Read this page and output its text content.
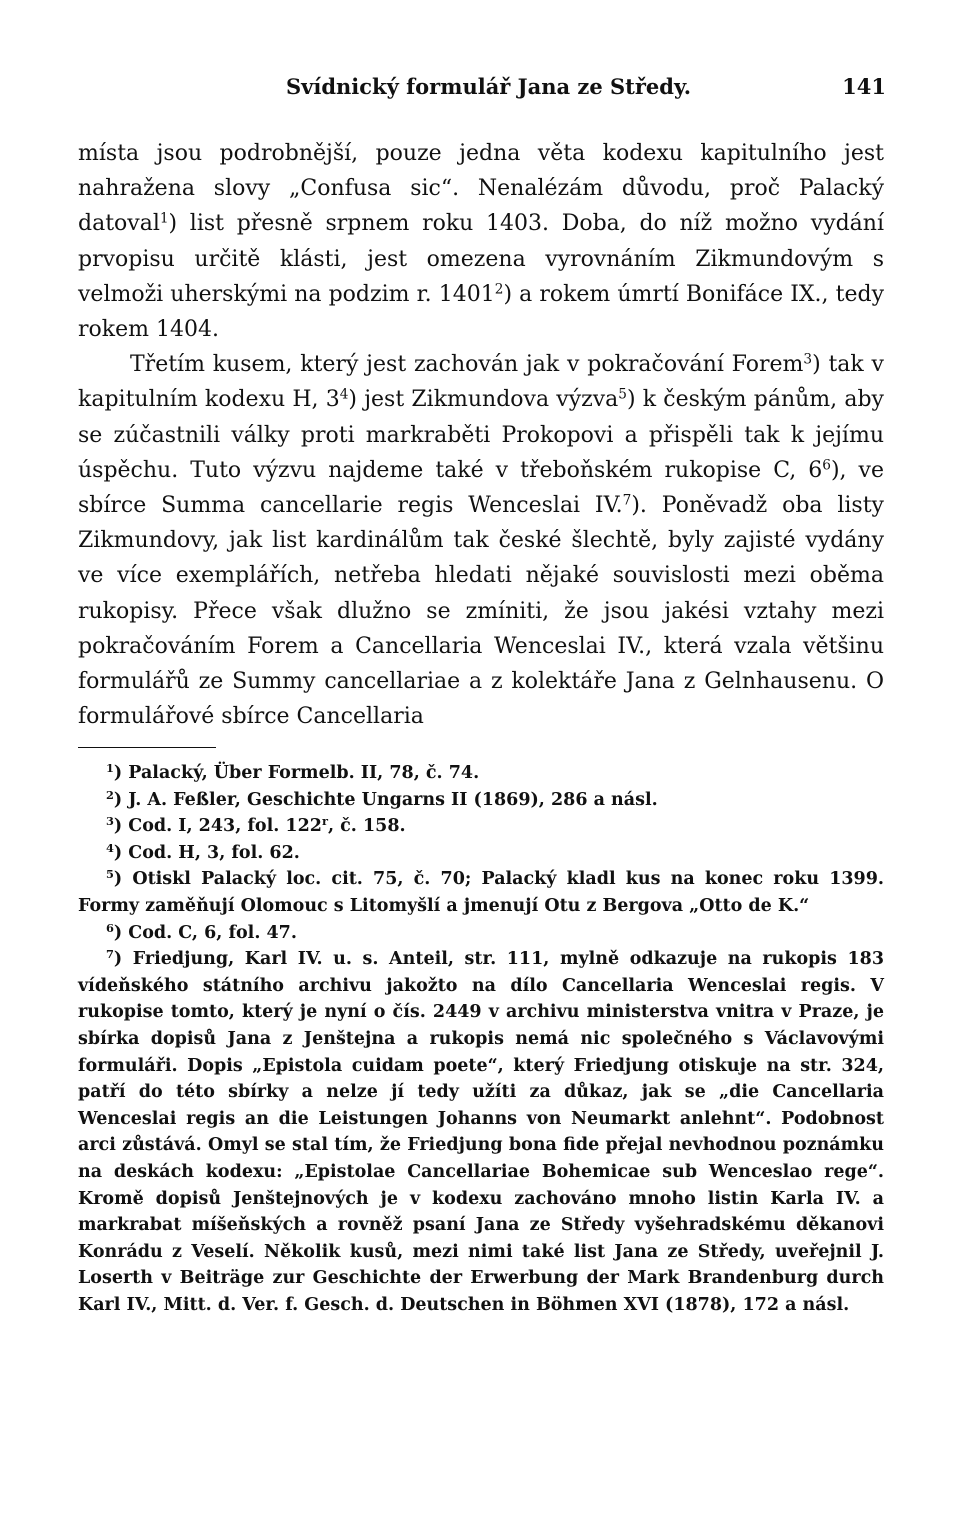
Svídnický formulář Jana ze Středy.	141

místa jsou podrobnější, pouze jedna věta kodexu kapitulního jest nahražena slovy „Confusa sic“. Nenalézám důvodu, proč Palacký datoval$^1$) list přesně srpnem roku 1403. Doba, do níž možno vydání prvopisu určitě klásti, jest omezena vyrovnáním Zikmundovým s velmoži uherskými na podzim r. 1401$^2$) a rokem úmrtí Bonifáce IX., tedy rokem 1404.

Třetím kusem, který jest zachován jak v pokračování Forem$^3$) tak v kapitulním kodexu H, $3^4$) jest Zikmundova výzva$^5$) k českým pánům, aby se zúčastnili války proti markraběti Prokopovi a přispěli tak k jejímu úspěchu. Tuto výzvu najdeme také v třeboňském rukopise C, $6^6$), ve sbírce Summa cancellarie regis Wenceslai IV.$^7$). Poněvadž oba listy Zikmundovy, jak list kardinálům tak české šlechtě, byly zajisté vydány ve více exemplářích, netřeba hledati nějaké souvislosti mezi oběma rukopisy. Přece však dlužno se zmíniti, že jsou jakési vztahy mezi pokračováním Forem a Cancellaria Wenceslai IV., která vzala většinu formulářů ze Summy cancellariae a z kolektáře Jana z Gelnhausenu. O formulářové sbírce Cancellaria

$^1$) Palacký, Über Formelb. II, 78, č. 74.

$^2$) J. A. Feßler, Geschichte Ungarns II (1869), 286 a násl.

$^3$) Cod. I, 243, fol. 122$^r$, č. 158.

$^4$) Cod. H, 3, fol. 62.

$^5$) Otiskl Palacký loc. cit. 75, č. 70; Palacký kladl kus na konec roku 1399. Formy zaměňují Olomouc s Litomyšlí a jmenují Otu z Bergova „Otto de K.“

$^6$) Cod. C, 6, fol. 47.

$^7$) Friedjung, Karl IV. u. s. Anteil, str. 111, mylně odkazuje na rukopis 183 vídeňského státního archivu jakožto na dílo Cancellaria Wenceslai regis. V rukopise tomto, který je nyní o čís. 2449 v archivu ministerstva vnitra v Praze, je sbírka dopisů Jana z Jenštejna a rukopis nemá nic společného s Václavovými formuláři. Dopis „Epistola cuidam poete“, který Friedjung otiskuje na str. 324, patří do této sbírky a nelze jí tedy užíti za důkaz, jak se „die Cancellaria Wenceslai regis an die Leistungen Johanns von Neumarkt anlehnt“. Podobnost arci zůstává. Omyl se stal tím, že Friedjung bona fide přejal nevhodnou poznámku na deskách kodexu: „Epistolae Cancellariae Bohemicae sub Wenceslao rege“. Kromě dopisů Jenštejnových je v kodexu zachováno mnoho listin Karla IV. a markrabat míšeňských a rovněž psaní Jana ze Středy vyšehradskému děkanovi Konrádu z Veselí. Několik kusů, mezi nimi také list Jana ze Středy, uveřejnil J. Loserth v Beiträge zur Geschichte der Erwerbung der Mark Brandenburg durch Karl IV., Mitt. d. Ver. f. Gesch. d. Deutschen in Böhmen XVI (1878), 172 a násl.
